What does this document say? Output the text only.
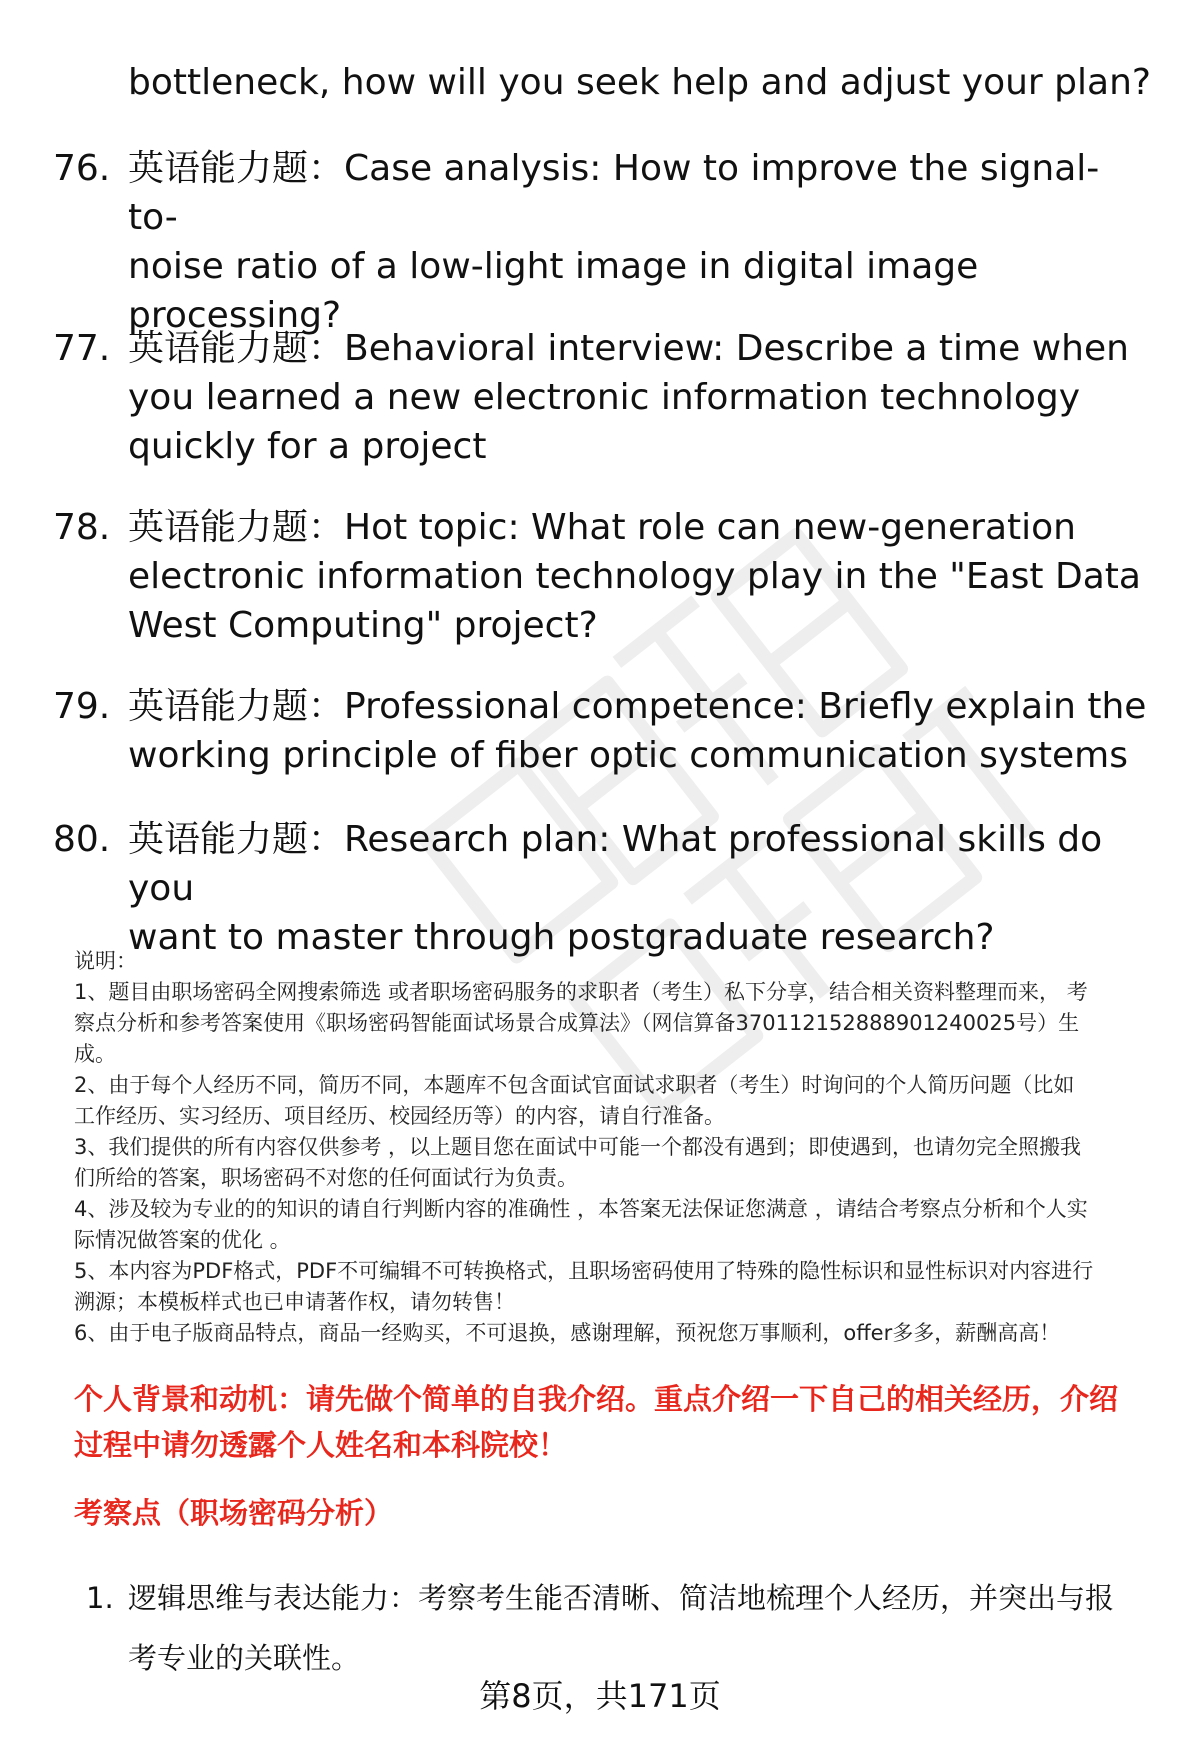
bottleneck, how will you seek help and adjust your plan?
76. 英语能力题：Case analysis: How to improve the signal-to-
noise ratio of a low-light image in digital image
processing?
77. 英语能力题：Behavioral interview: Describe a time when
you learned a new electronic information technology
quickly for a project
78. 英语能力题：Hot topic: What role can new-generation
electronic information technology play in the "East Data
West Computing" project?
79. 英语能力题：Professional competence: Briefly explain the
working principle of fiber optic communication systems
80. 英语能力题：Research plan: What professional skills do you
want to master through postgraduate research?

说明：

1、题目由职场密码全网搜索筛选 或者职场密码服务的求职者（考生）私下分享，结合相关资料整理而来， 考
察点分析和参考答案使用《职场密码智能面试场景合成算法》（网信算备370112152888901240025号）生
成。

2、由于每个人经历不同，简历不同，本题库不包含面试官面试求职者（考生）时询问的个人简历问题（比如
工作经历、实习经历、项目经历、校园经历等）的内容，请自行准备。

3、我们提供的所有内容仅供参考 ，以上题目您在面试中可能一个都没有遇到；即使遇到，也请勿完全照搬我
们所给的答案，职场密码不对您的任何面试行为负责。

4、涉及较为专业的的知识的请自行判断内容的准确性 ，本答案无法保证您满意 ，请结合考察点分析和个人实
际情况做答案的优化 。

5、本内容为PDF格式，PDF不可编辑不可转换格式，且职场密码使用了特殊的隐性标识和显性标识对内容进行
溯源；本模板样式也已申请著作权，请勿转售！

6、由于电子版商品特点，商品一经购买，不可退换，感谢理解，预祝您万事顺利，offer多多，薪酬高高！

个人背景和动机：请先做个简单的自我介绍。重点介绍一下自己的相关经历，介绍
过程中请勿透露个人姓名和本科院校！
考察点（职场密码分析）
1. 逻辑思维与表达能力：考察考生能否清晰、简洁地梳理个人经历，并突出与报
考专业的关联性。
第8页，共171页
